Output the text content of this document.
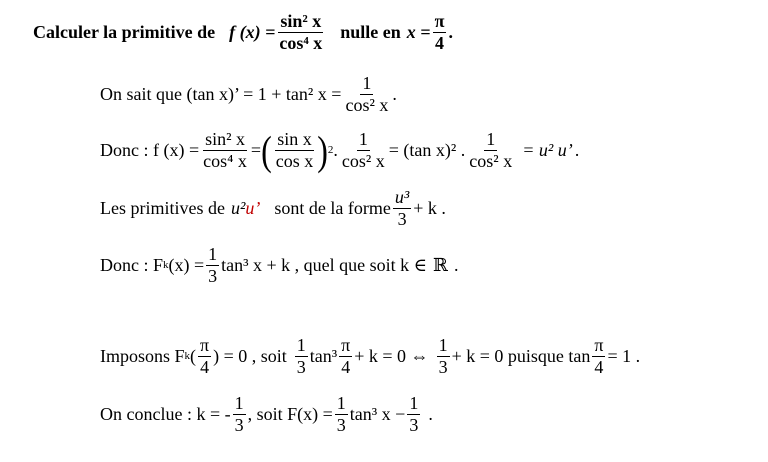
Calculer la primitive de f $(x) = \frac{\text{sin² x}}{\text{cos⁴ x}}$ nulle en $x = \frac{\pi}{4}$ .
On sait que (tan x)’ = 1 + tan² $x = \frac{1}{\text{cos² x}}$ .
Donc : f $(x) = \frac{\text{sin² x}}{\text{cos⁴ x}}$ = ( $\frac{\text{sin x}}{\text{cos x}}$ ) 2 . $\frac{1}{\text{cos² x}} = (\tan$ x)² . $\frac{1}{\text{cos² x}} = u^2$ u’ .
Les primitives de u² u’ sont de la forme $\frac{\text{u³}}{3} + k$ .
Donc : F k $(x) = \frac{1}{3} \tan^3$ x + k , quel que soit k ∈ ℝ .
Imposons F k ( $\frac{\pi}{4}$ ) = 0 , soit $\frac{1}{3} \tan^3 \frac{\pi}{4} + k = 0$ ⇔ $\frac{1}{3} + k = 0$ puisque $\tan \frac{\pi}{4} = 1$ .
On conclue : k = - $\frac{1}{3}$ , soit $F(x) = \frac{1}{3} \tan^3$ $x - \frac{1}{3}$ .
